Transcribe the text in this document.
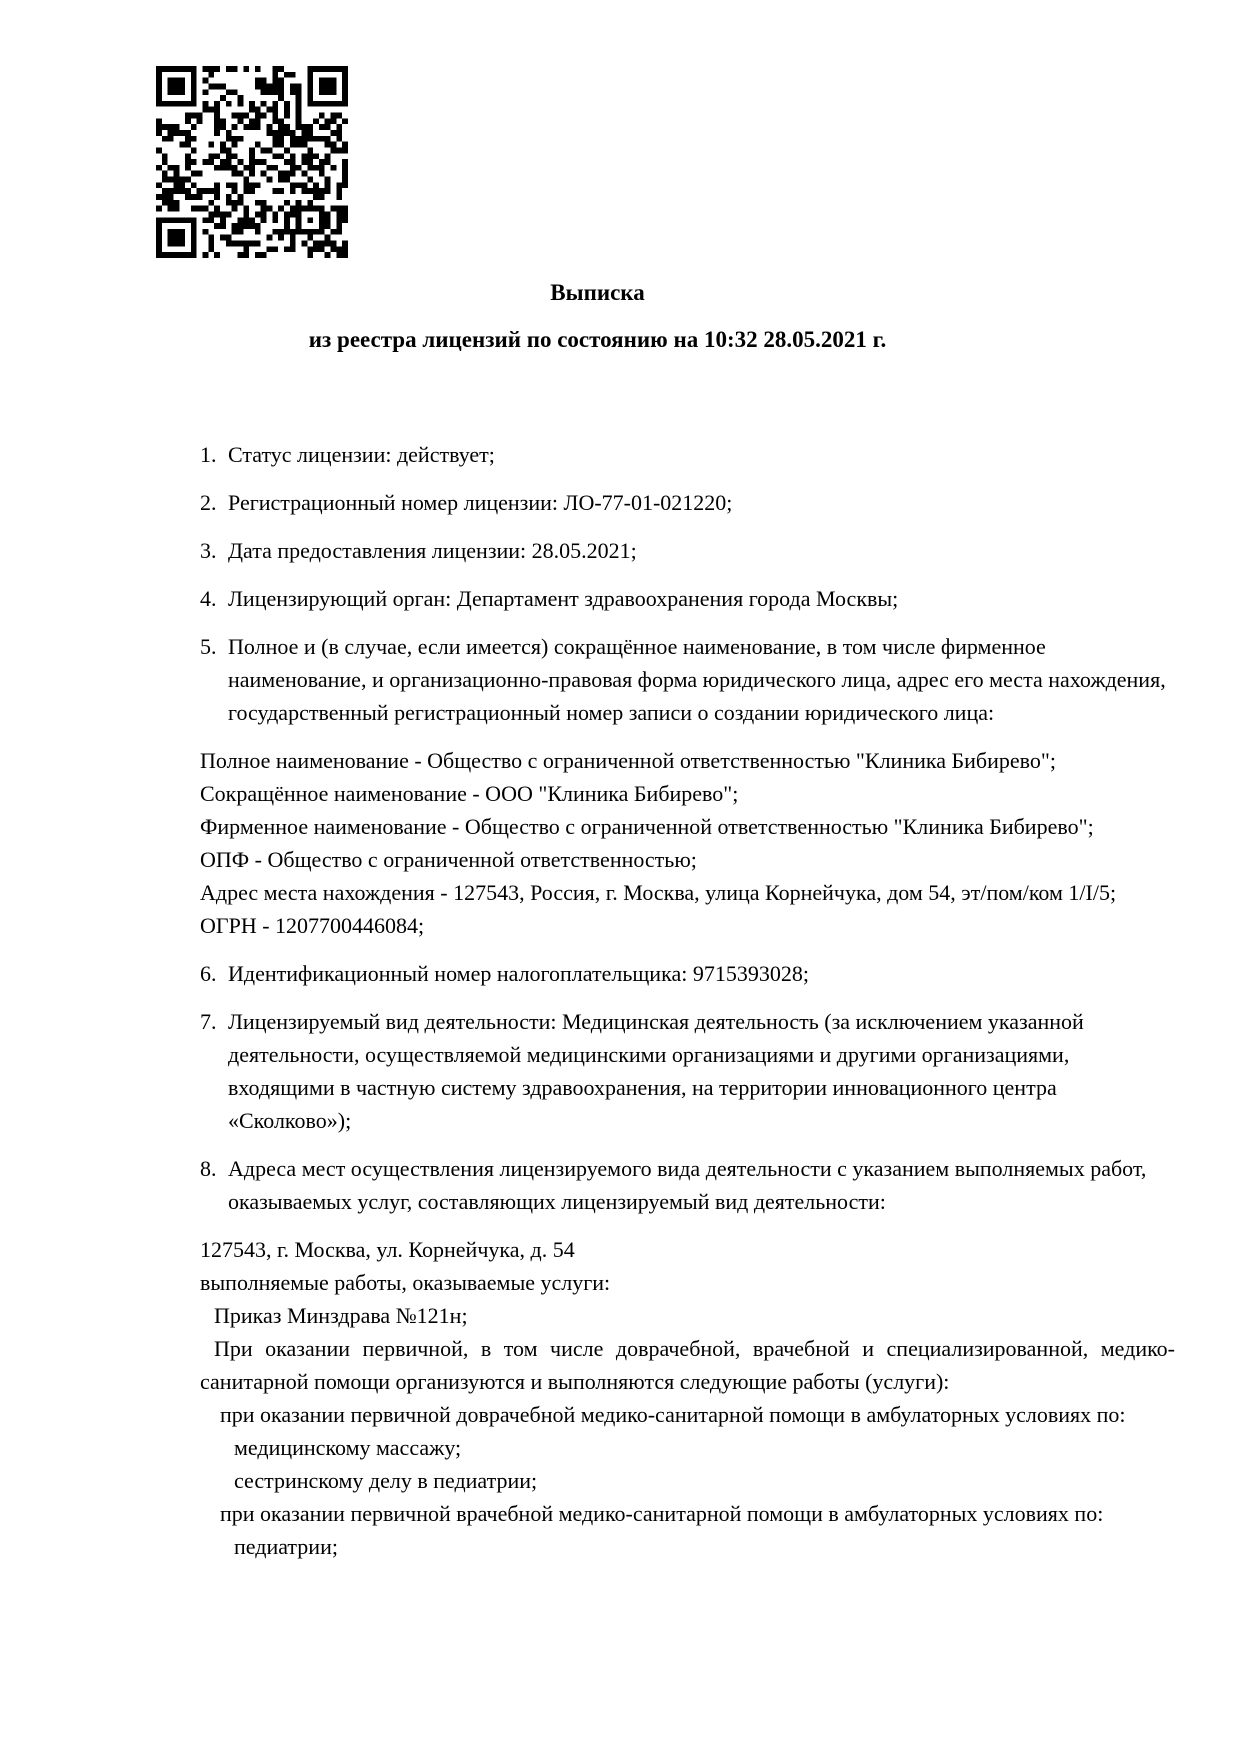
Выписка
из реестра лицензий по состоянию на 10:32 28.05.2021 г.
1. Статус лицензии: действует;
2. Регистрационный номер лицензии: ЛО-77-01-021220;
3. Дата предоставления лицензии: 28.05.2021;
4. Лицензирующий орган: Департамент здравоохранения города Москвы;
5. Полное и (в случае, если имеется) сокращённое наименование, в том числе фирменное наименование, и организационно-правовая форма юридического лица, адрес его места нахождения, государственный регистрационный номер записи о создании юридического лица:
Полное наименование - Общество с ограниченной ответственностью "Клиника Бибирево";
Сокращённое наименование - ООО "Клиника Бибирево";
Фирменное наименование - Общество с ограниченной ответственностью "Клиника Бибирево";
ОПФ - Общество с ограниченной ответственностью;
Адрес места нахождения - 127543, Россия, г. Москва, улица Корнейчука, дом 54, эт/пом/ком 1/I/5;
ОГРН - 1207700446084;
6. Идентификационный номер налогоплательщика: 9715393028;
7. Лицензируемый вид деятельности: Медицинская деятельность (за исключением указанной деятельности, осуществляемой медицинскими организациями и другими организациями, входящими в частную систему здравоохранения, на территории инновационного центра «Сколково»);
8. Адреса мест осуществления лицензируемого вида деятельности с указанием выполняемых работ, оказываемых услуг, составляющих лицензируемый вид деятельности:
127543, г. Москва, ул. Корнейчука, д. 54
выполняемые работы, оказываемые услуги:
Приказ Минздрава №121н;
При оказании первичной, в том числе доврачебной, врачебной и специализированной, медико-санитарной помощи организуются и выполняются следующие работы (услуги):
при оказании первичной доврачебной медико-санитарной помощи в амбулаторных условиях по:
медицинскому массажу;
сестринскому делу в педиатрии;
при оказании первичной врачебной медико-санитарной помощи в амбулаторных условиях по:
педиатрии;
